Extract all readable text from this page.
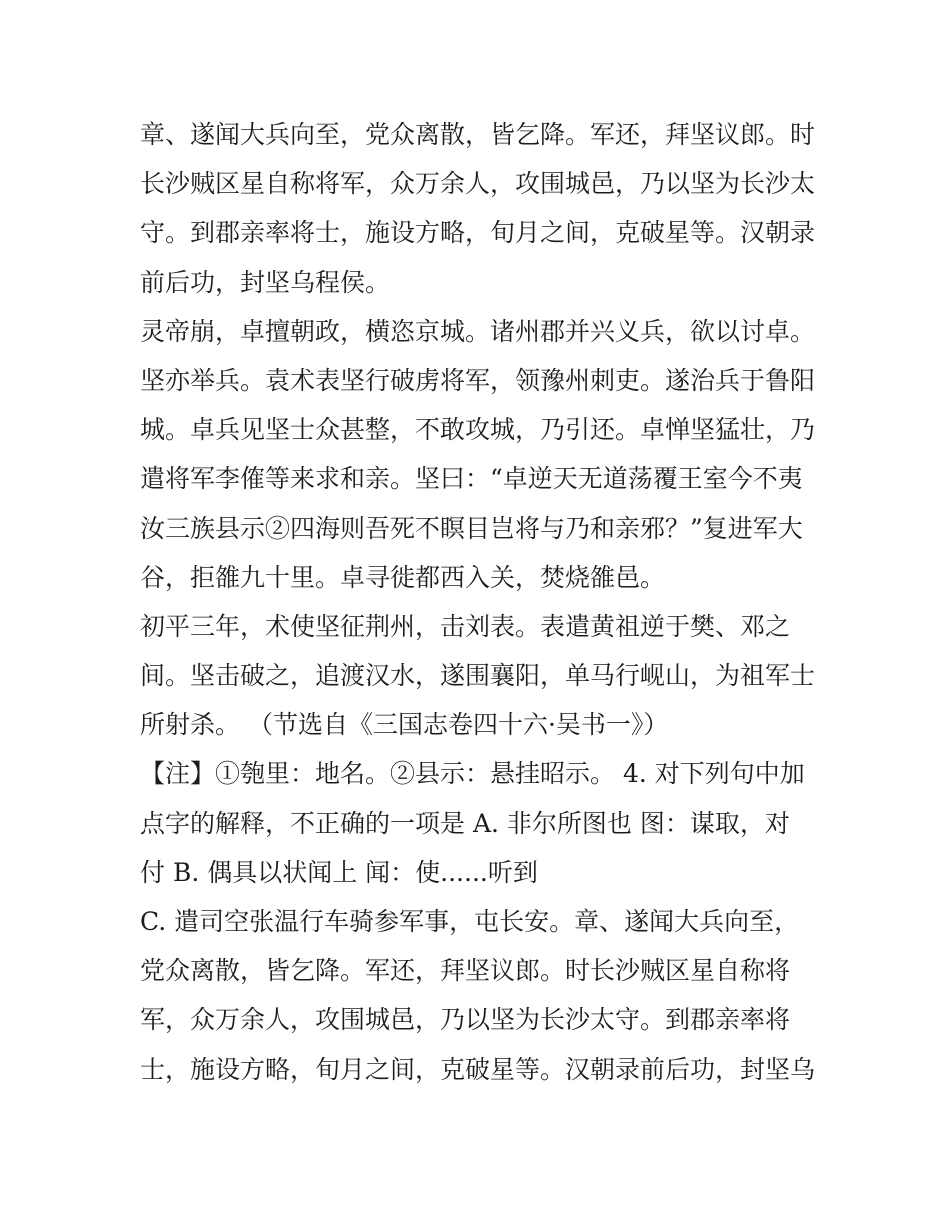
章、遂闻大兵向至，党众离散，皆乞降。军还，拜坚议郎。时
长沙贼区星自称将军，众万余人，攻围城邑，乃以坚为长沙太
守。到郡亲率将士，施设方略，旬月之间，克破星等。汉朝录
前后功，封坚乌程侯。
灵帝崩，卓擅朝政，横恣京城。诸州郡并兴义兵，欲以讨卓。
坚亦举兵。袁术表坚行破虏将军，领豫州刺吏。遂治兵于鲁阳
城。卓兵见坚士众甚整，不敢攻城，乃引还。卓惮坚猛壮，乃
遣将军李傕等来求和亲。坚曰：“卓逆天无道荡覆王室今不夷
汝三族县示②四海则吾死不瞑目岂将与乃和亲邪？”复进军大
谷，拒雒九十里。卓寻徙都西入关，焚烧雒邑。
初平三年，术使坚征荆州，击刘表。表遣黄祖逆于樊、邓之
间。坚击破之，追渡汉水，遂围襄阳，单马行岘山，为祖军士
所射杀。 （节选自《三国志卷四十六·吴书一》）
【注】①匏里：地名。②县示：悬挂昭示。 4. 对下列句中加
点字的解释，不正确的一项是 A. 非尔所图也 图：谋取，对
付 B. 偶具以状闻上 闻：使......听到
C. 遣司空张温行车骑参军事，屯长安。章、遂闻大兵向至，
党众离散，皆乞降。军还，拜坚议郎。时长沙贼区星自称将
军，众万余人，攻围城邑，乃以坚为长沙太守。到郡亲率将
士，施设方略，旬月之间，克破星等。汉朝录前后功，封坚乌
